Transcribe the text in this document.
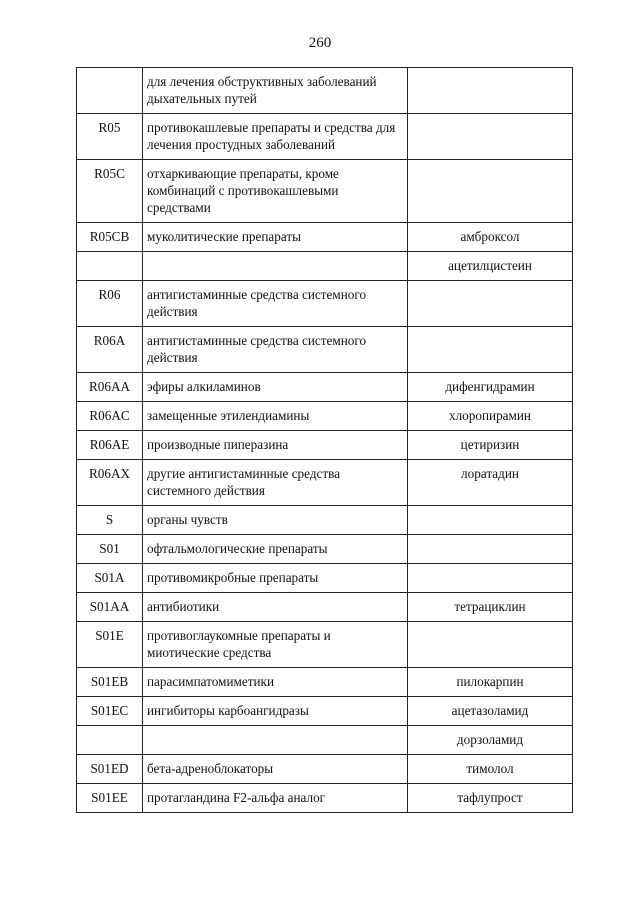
260
	для лечения обструктивных заболеваний дыхательных путей	
R05	противокашлевые препараты и средства для лечения простудных заболеваний	
R05C	отхаркивающие препараты, кроме комбинаций с противокашлевыми средствами	
R05CB	муколитические препараты	амброксол
		ацетилцистеин
R06	антигистаминные средства системного действия	
R06A	антигистаминные средства системного действия	
R06AA	эфиры алкиламинов	дифенгидрамин
R06AC	замещенные этилендиамины	хлоропирамин
R06AE	производные пиперазина	цетиризин
R06AX	другие антигистаминные средства системного действия	лоратадин
S	органы чувств	
S01	офтальмологические препараты	
S01A	противомикробные препараты	
S01AA	антибиотики	тетрациклин
S01E	противоглаукомные препараты и миотические средства	
S01EB	парасимпатомиметики	пилокарпин
S01EC	ингибиторы карбоангидразы	ацетазоламид
		дорзоламид
S01ED	бета-адреноблокаторы	тимолол
S01EE	протагландина F2-альфа аналог	тафлупрост
